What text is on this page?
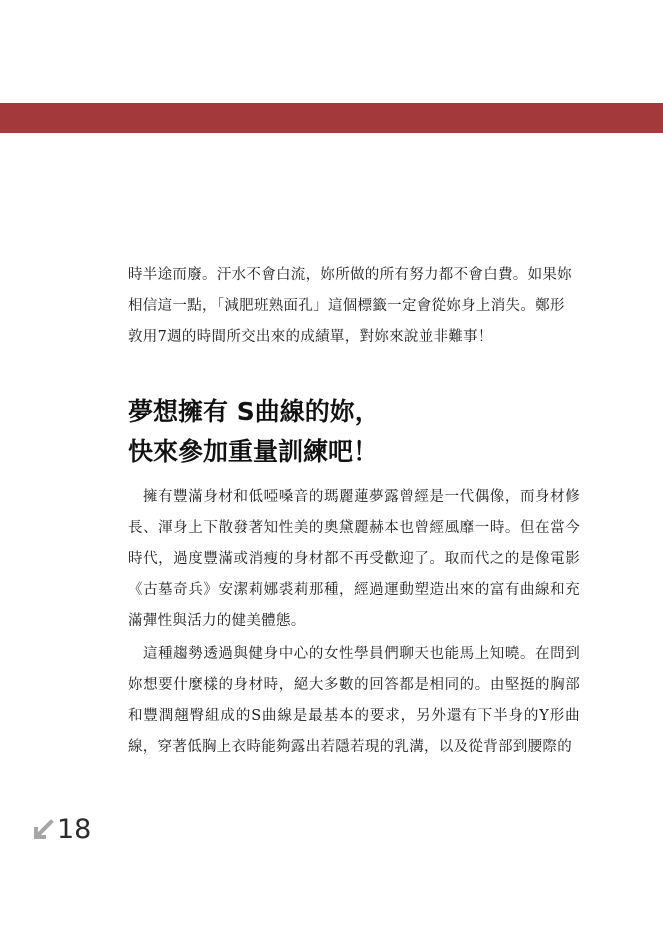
時半途而廢。汗水不會白流，妳所做的所有努力都不會白費。如果妳

相信這一點，「減肥班熟面孔」這個標籤一定會從妳身上消失。鄭形

敦用7週的時間所交出來的成績單，對妳來說並非難事！

夢想擁有 S曲線的妳，
快來參加重量訓練吧！

擁有豐滿身材和低啞嗓音的瑪麗蓮夢露曾經是一代偶像，而身材修長、渾身上下散發著知性美的奧黛麗赫本也曾經風靡一時。但在當今時代，過度豐滿或消瘦的身材都不再受歡迎了。取而代之的是像電影《古墓奇兵》安潔莉娜裘莉那種，經過運動塑造出來的富有曲線和充滿彈性與活力的健美體態。

這種趨勢透過與健身中心的女性學員們聊天也能馬上知曉。在問到妳想要什麼樣的身材時，絕大多數的回答都是相同的。由堅挺的胸部和豐潤翹臀組成的S曲線是最基本的要求，另外還有下半身的Y形曲線，穿著低胸上衣時能夠露出若隱若現的乳溝，以及從背部到腰際的

18
